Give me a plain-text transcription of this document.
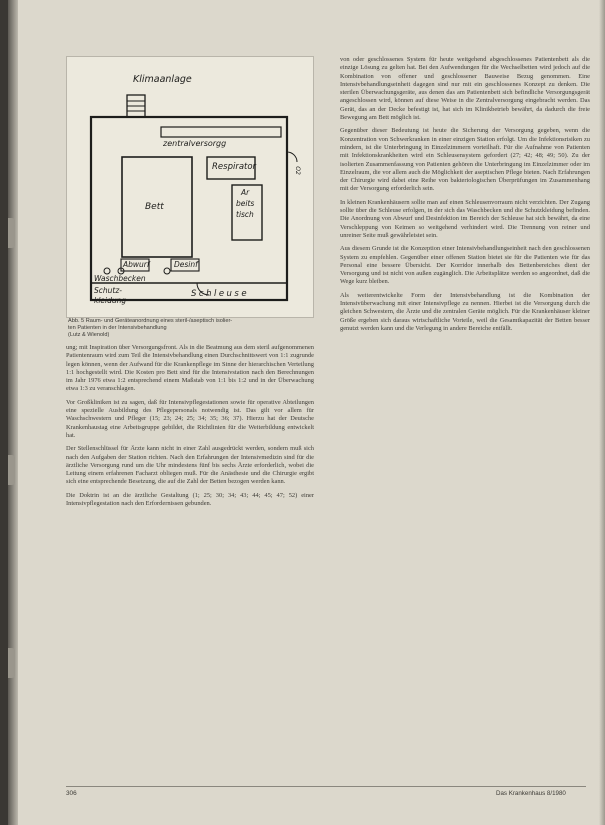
Klimaanlage
zentralversorgg
Respirator
Bett
Ar
beits
tisch
Abwurf	Desinf
Waschbecken
Schutz-
kleidung
Schleuse
O2
Abb. 5 Raum- und Geräteanordnung eines steril-/aseptisch isolier-
ten Patienten in der Intensivbehandlung
(Lutz & Wienold)

ung; mit Inspiration über Versorgungsfront. Als in die Beatmung aus dem steril aufgenommenen Patientenraum wird zum Teil die Intensivbehandlung einen Durchschnittswert von 1:1 zugrunde legen können, wenn der Aufwand für die Krankenpflege im Sinne der hierarchischen Verteilung 1:1 hochgestellt wird. Die Kosten pro Bett sind für die Intensivstation nach den Berechnungen im Jahr 1976 etwa 1:2 entsprechend einem Maßstab von 1:1 bis 1:2 und in der Überwachung etwa 1:3 zu veranschlagen.

Vor Großkliniken ist zu sagen, daß für Intensivpflegestationen sowie für operative Abteilungen eine spezielle Ausbildung des Pflegepersonals notwendig ist. Das gilt vor allem für Waschschwestern und Pfleger (15; 23; 24; 25; 34; 35; 36; 37). Hierzu hat der Deutsche Krankenhaustag eine Arbeitsgruppe gebildet, die Richtlinien für die Weiterbildung entwickelt hat.

Der Stellenschlüssel für Ärzte kann nicht in einer Zahl ausgedrückt werden, sondern muß sich nach den Aufgaben der Station richten. Nach den Erfahrungen der Intensivmedizin sind für die ärztliche Versorgung rund um die Uhr mindestens fünf bis sechs Ärzte erforderlich, wobei die Leitung einem erfahrenen Facharzt obliegen muß. Für die Anästhesie und die Chirurgie ergibt sich eine entsprechende Besetzung, die auf die Zahl der Betten bezogen werden kann.

Die Doktrin ist an die ärztliche Gestaltung (1; 25; 30; 34; 43; 44; 45; 47; 52) einer Intensivpflegestation nach den Erfordernissen gebunden.

von oder geschlossenes System für heute weitgehend abgeschlossenes Patientenbett als die einzige Lösung zu gelten hat. Bei den Aufwendungen für die Wechselbetten wird jedoch auf die Kombination von offener und geschlossener Bauweise Bezug genommen. Eine Intensivbehandlungseinheit dagegen sind nur mit ein geschlossenes Konzept zu denken. Die sterilen Überwachungsgeräte, aus denen das am Patientenbett sich befindliche Versorgungsgerät angeschlossen wird, können auf diese Weise in die Zentralversorgung eingebracht werden. Das Gerät, das an der Decke befestigt ist, hat sich im Klinikbetrieb bewährt, da dadurch die freie Bewegung am Bett möglich ist.

Gegenüber dieser Bedeutung ist heute die Sicherung der Versorgung gegeben, wenn die Konzentration von Schwerkranken in einer einzigen Station erfolgt. Um die Infektionsrisiken zu mindern, ist die Unterbringung in Einzelzimmern vorteilhaft. Für die Aufnahme von Patienten mit Infektionskrankheiten wird ein Schleusensystem gefordert (27; 42; 48; 49; 50). Zu der isolierten Zusammenfassung von Patienten gehören die Unterbringung im Einzelzimmer oder im Einzelraum, die vor allem auch die Möglichkeit der aseptischen Pflege bieten. Nach Erfahrungen der Chirurgie wird dabei eine Reihe von bakteriologischen Überprüfungen im Zusammenhang mit der Versorgung erforderlich sein.

In kleinen Krankenhäusern sollte man auf einen Schleusenvorraum nicht verzichten. Der Zugang sollte über die Schleuse erfolgen, in der sich das Waschbecken und die Schutzkleidung befinden. Die Anordnung von Abwurf und Desinfektion im Bereich der Schleuse hat sich bewährt, da eine Verschleppung von Keimen so weitgehend verhindert wird. Die Trennung von reiner und unreiner Seite muß gewährleistet sein.

Aus diesem Grunde ist die Konzeption einer Intensivbehandlungseinheit nach den geschlossenen System zu empfehlen. Gegenüber einer offenen Station bietet sie für die Patienten wie für das Personal eine bessere Übersicht. Der Korridor innerhalb des Bettenbereiches dient der Versorgung und ist nicht von außen zugänglich. Die Arbeitsplätze werden so angeordnet, daß die Wege kurz bleiben.

Als weiterentwickelte Form der Intensivbehandlung ist die Kombination der Intensivüberwachung mit einer Intensivpflege zu nennen. Hierbei ist die Versorgung durch die gleichen Schwestern, die Ärzte und die zentralen Geräte möglich. Für die Krankenhäuser kleiner Größe ergeben sich daraus wirtschaftliche Vorteile, weil die Gesamtkapazität der Betten besser genutzt werden kann und die Verlegung in andere Bereiche entfällt.

306	Das Krankenhaus 8/1980
